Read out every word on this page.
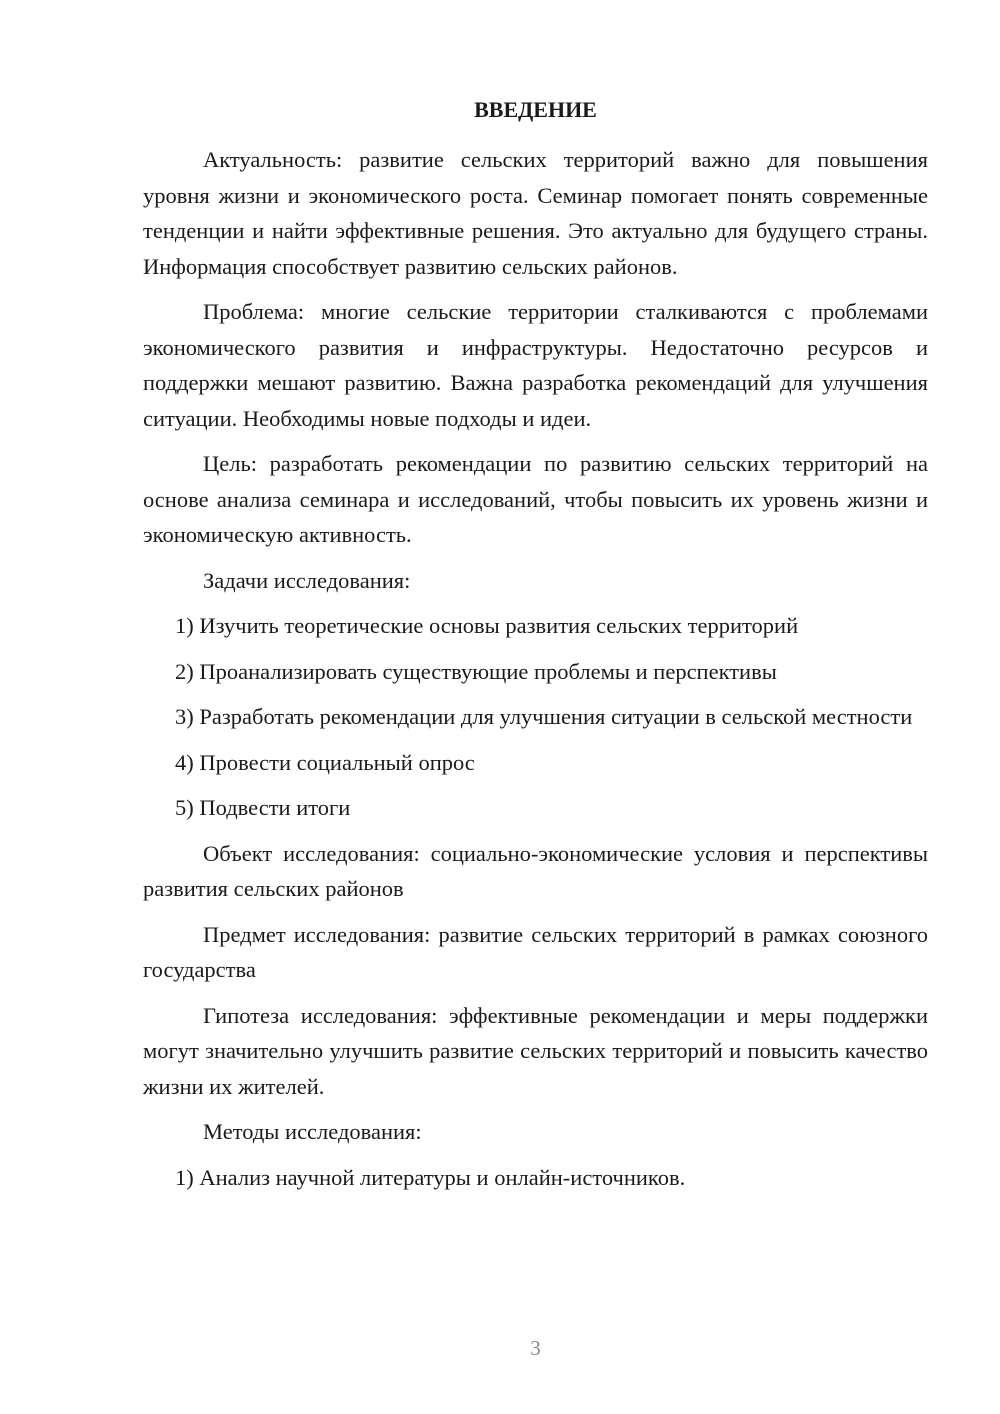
ВВЕДЕНИЕ

Актуальность: развитие сельских территорий важно для повышения уровня жизни и экономического роста. Семинар помогает понять современные тенденции и найти эффективные решения. Это актуально для будущего страны. Информация способствует развитию сельских районов.

Проблема: многие сельские территории сталкиваются с проблемами экономического развития и инфраструктуры. Недостаточно ресурсов и поддержки мешают развитию. Важна разработка рекомендаций для улучшения ситуации. Необходимы новые подходы и идеи.

Цель: разработать рекомендации по развитию сельских территорий на основе анализа семинара и исследований, чтобы повысить их уровень жизни и экономическую активность.

Задачи исследования:

1) Изучить теоретические основы развития сельских территорий

2) Проанализировать существующие проблемы и перспективы

3) Разработать рекомендации для улучшения ситуации в сельской местности

4) Провести социальный опрос

5) Подвести итоги

Объект исследования: социально-экономические условия и перспективы развития сельских районов

Предмет исследования: развитие сельских территорий в рамках союзного государства

Гипотеза исследования: эффективные рекомендации и меры поддержки могут значительно улучшить развитие сельских территорий и повысить качество жизни их жителей.

Методы исследования:

1) Анализ научной литературы и онлайн-источников.

3
